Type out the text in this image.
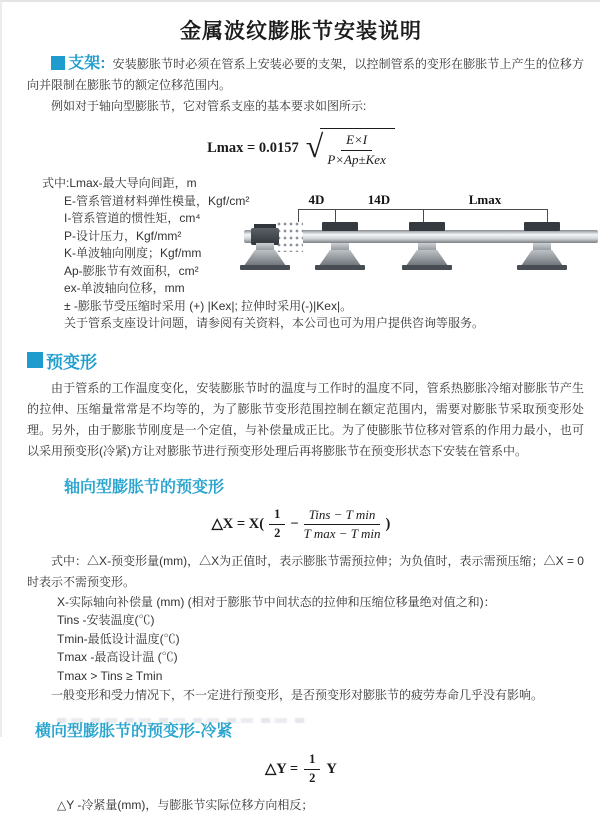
金属波纹膨胀节安装说明

支架: 安装膨胀节时必须在管系上安装必要的支架，以控制管系的变形在膨胀节上产生的位移方向并限制在膨胀节的额定位移范围内。

例如对于轴向型膨胀节，它对管系支座的基本要求如图所示:

Lmax = 0.0157 √ $\frac{E\times I}{\text{P×Ap±Kex}}$
式中:Lmax-最大导向间距，m
E-管系管道材料弹性模量，Kgf/cm²
I-管系管道的惯性矩，cm⁴
P-设计压力，Kgf/mm²
K-单波轴向刚度；Kgf/mm
Ap-膨胀节有效面积，cm²
ex-单波轴向位移，mm
± -膨胀节受压缩时采用 (+) |Kex|; 拉伸时采用(-)|Kex|。
关于管系支座设计问题，请参阅有关资料，本公司也可为用户提供咨询等服务。
4D	14D	Lmax
预变形

由于管系的工作温度变化，安装膨胀节时的温度与工作时的温度不同，管系热膨胀冷缩对膨胀节产生的拉伸、压缩量常常是不均等的，为了膨胀节变形范围控制在额定范围内，需要对膨胀节采取预变形处理。另外，由于膨胀节刚度是一个定值，与补偿量成正比。为了使膨胀节位移对管系的作用力最小，也可以采用预变形(冷紧)方让对膨胀节进行预变形处理后再将膨胀节在预变形状态下安装在管系中。

轴向型膨胀节的预变形
△X = $X( \frac{1}{2} - \frac{\text{Tins − T min}}{\text{T max − T min}}$ )

式中：△X-预变形量(mm)，△X为正值时，表示膨胀节需预拉伸；为负值时，表示需预压缩；△X = 0时表示不需预变形。

X-实际轴向补偿量 (mm) (相对于膨胀节中间状态的拉伸和压缩位移量绝对值之和)：
Tins -安装温度(℃)
Tmin-最低设计温度(℃)
Tmax -最高设计温 (℃)
Tmax > Tins ≥ Tmin

一般变形和受力情况下，不一定进行预变形，是否预变形对膨胀节的疲劳寿命几乎没有影响。

横向型膨胀节的预变形-冷紧
△Y = $\frac{1}{2}$ Y

△Y -冷紧量(mm)，与膨胀节实际位移方向相反；
